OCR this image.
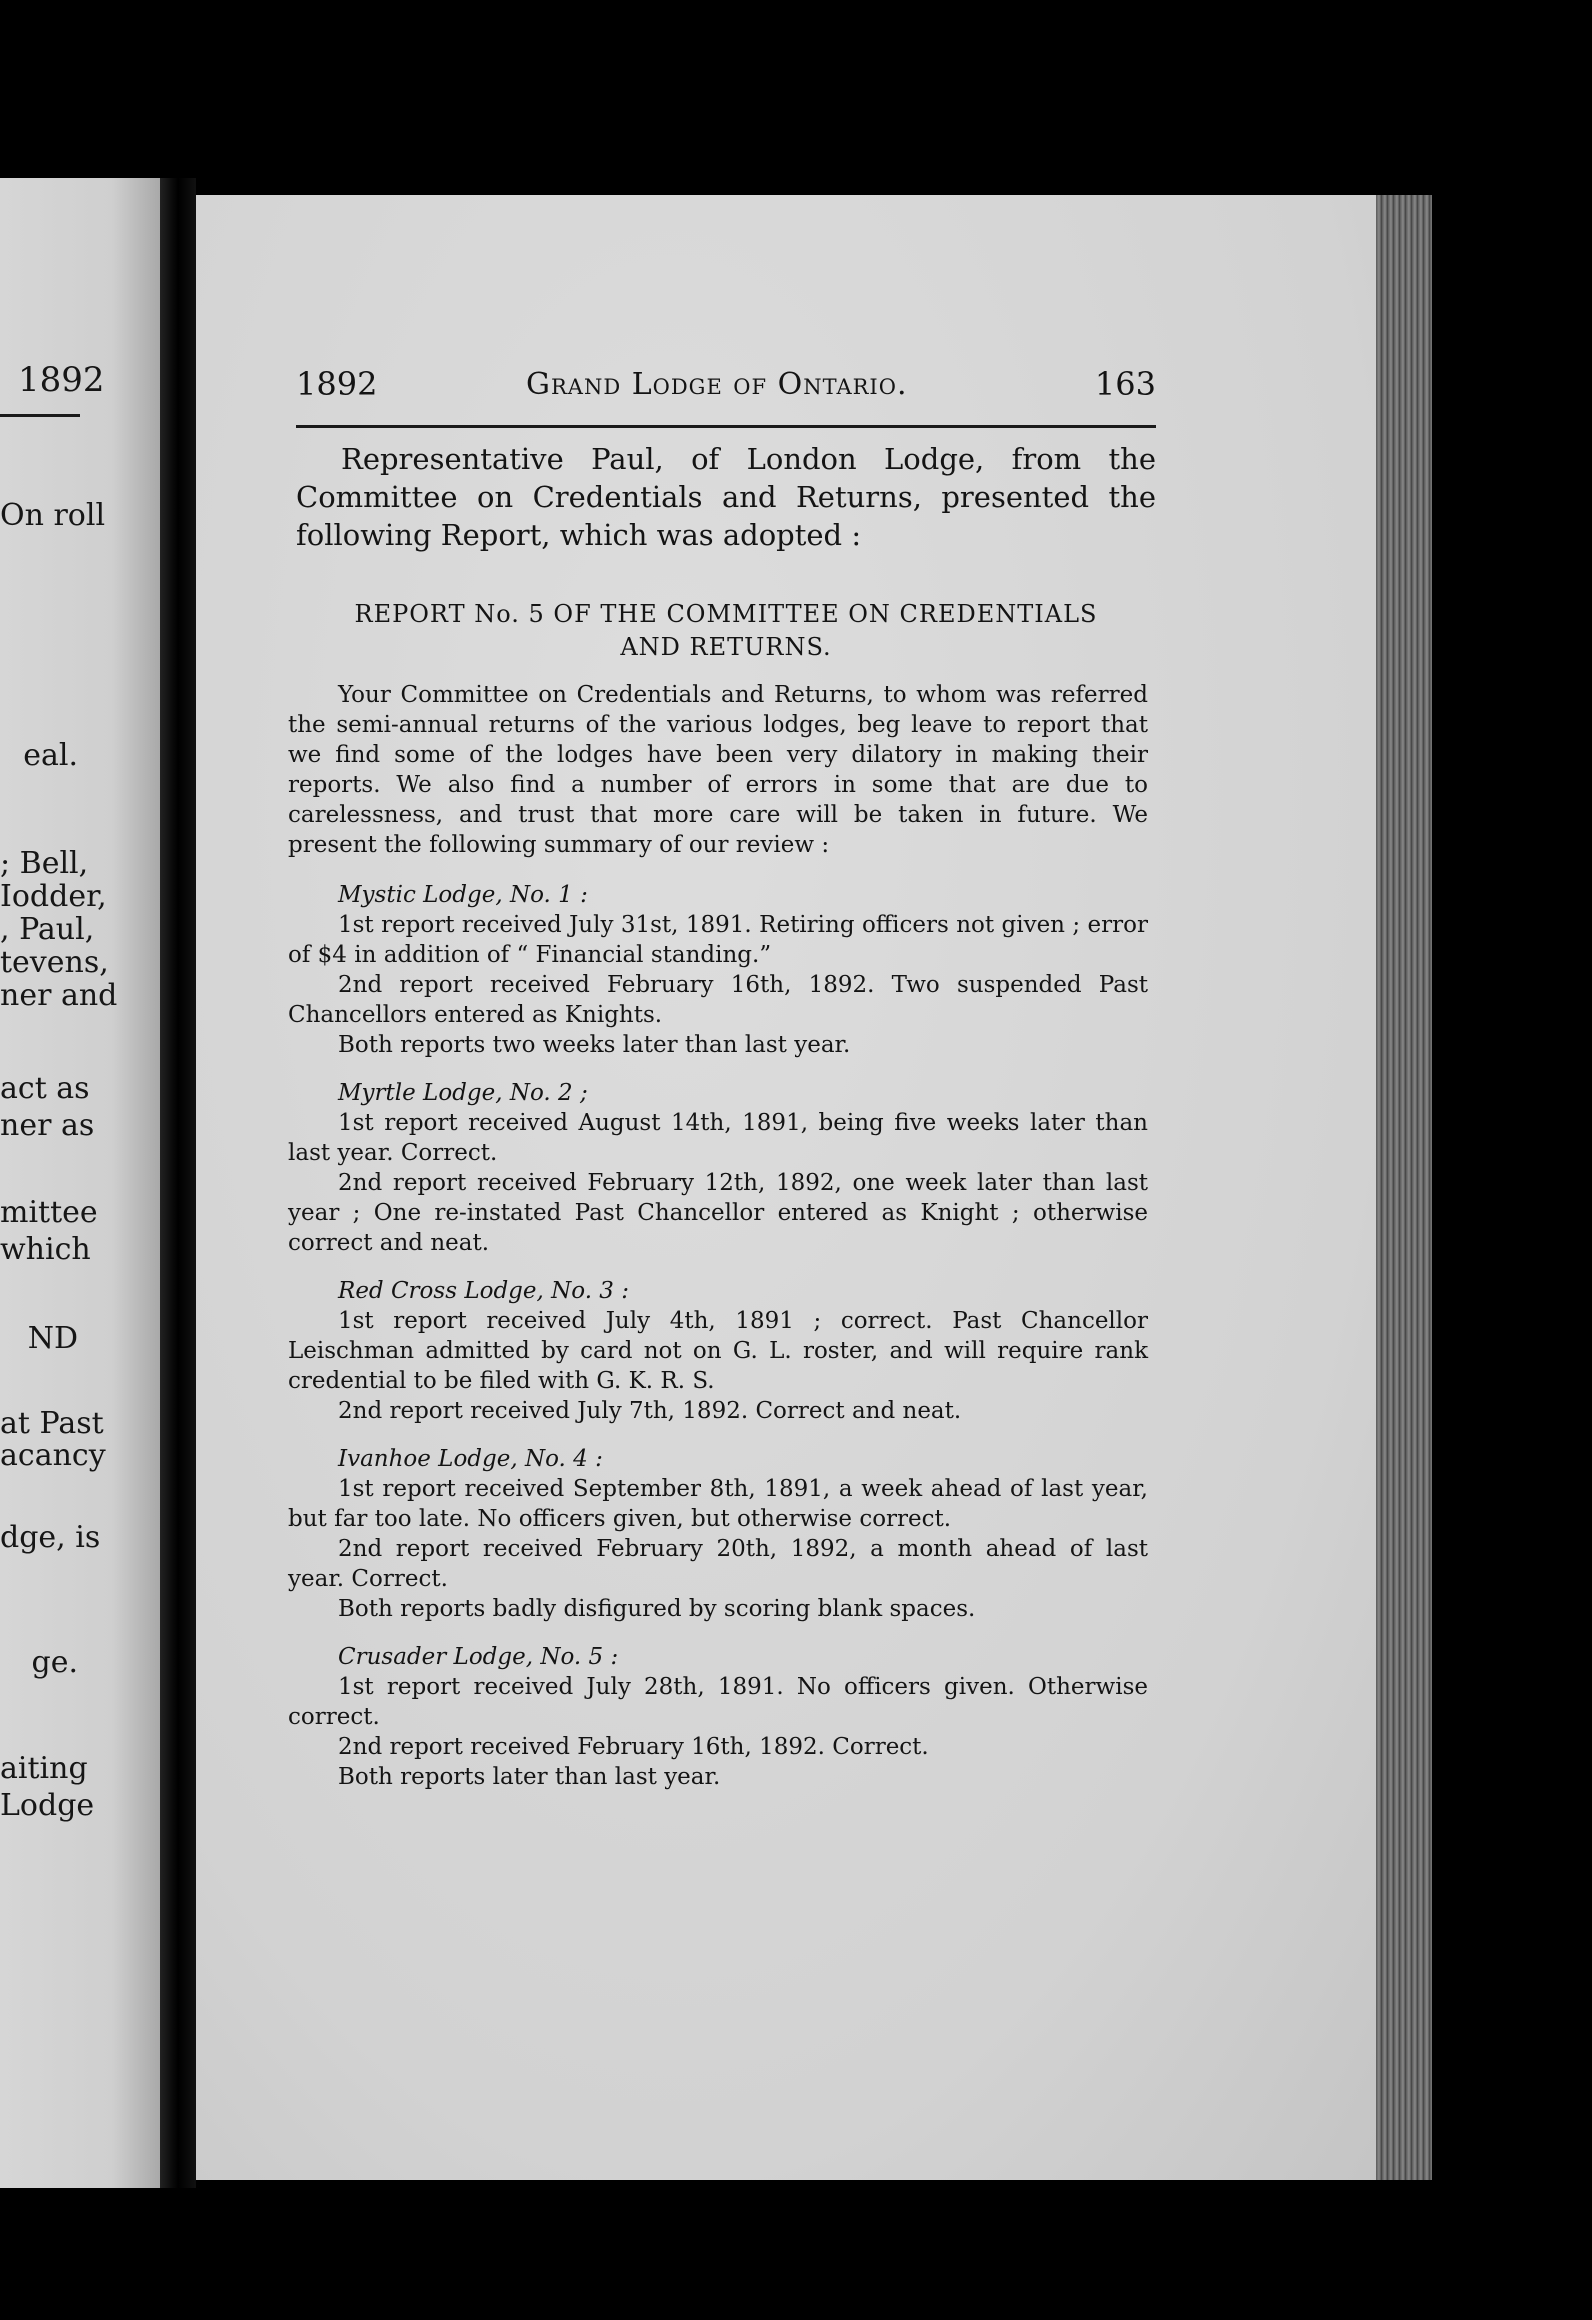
1892
On roll
eal.
; Bell,
Iodder,
, Paul,
tevens,
ner and
act as
ner as
mittee
which
ND
at Past
acancy
dge, is
ge.
aiting
Lodge
1892	Grand Lodge of Ontario.	163

Representative Paul, of London Lodge, from the Committee on Credentials and Returns, presented the following Report, which was adopted :

REPORT No. 5 OF THE COMMITTEE ON CREDENTIALS
AND RETURNS.

Your Committee on Credentials and Returns, to whom was referred the semi-annual returns of the various lodges, beg leave to report that we find some of the lodges have been very dilatory in making their reports. We also find a number of errors in some that are due to carelessness, and trust that more care will be taken in future. We present the following summary of our review :

Mystic Lodge, No. 1 :

1st report received July 31st, 1891. Retiring officers not given ; error of $4 in addition of “ Financial standing.”

2nd report received February 16th, 1892. Two suspended Past Chancellors entered as Knights.

Both reports two weeks later than last year.

Myrtle Lodge, No. 2 ;

1st report received August 14th, 1891, being five weeks later than last year. Correct.

2nd report received February 12th, 1892, one week later than last year ; One re-instated Past Chancellor entered as Knight ; otherwise correct and neat.

Red Cross Lodge, No. 3 :

1st report received July 4th, 1891 ; correct. Past Chancellor Leischman admitted by card not on G. L. roster, and will require rank credential to be filed with G. K. R. S.

2nd report received July 7th, 1892. Correct and neat.

Ivanhoe Lodge, No. 4 :

1st report received September 8th, 1891, a week ahead of last year, but far too late. No officers given, but otherwise correct.

2nd report received February 20th, 1892, a month ahead of last year. Correct.

Both reports badly disfigured by scoring blank spaces.

Crusader Lodge, No. 5 :

1st report received July 28th, 1891. No officers given. Otherwise correct.

2nd report received February 16th, 1892. Correct.

Both reports later than last year.
